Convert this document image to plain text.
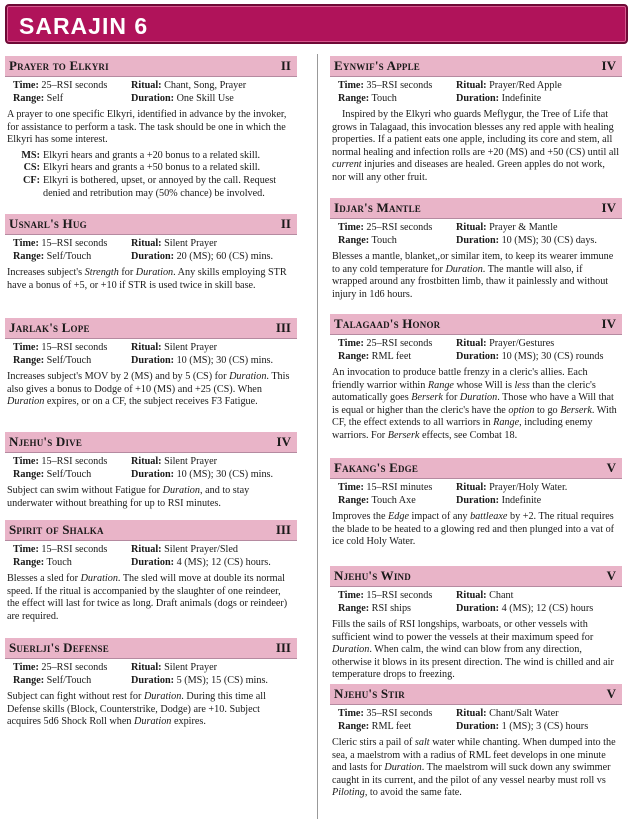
SARAJIN 6
Prayer to Elkyri	II
Time: 25–RSI seconds	Ritual: Chant, Song, Prayer
Range: Self	Duration: One Skill Use

A prayer to one specific Elkyri, identified in advance by the invoker, for assistance to perform a task. The task should be one in which the Elkyri has some interest.

MS: Elkyri hears and grants a +20 bonus to a related skill.
CS: Elkyri hears and grants a +50 bonus to a related skill.
CF: Elkyri is bothered, upset, or annoyed by the call. Request denied and retribution may (50% chance) be involved.
Usnarl's Hug	II
Time: 15–RSI seconds	Ritual: Silent Prayer
Range: Self/Touch	Duration: 20 (MS); 60 (CS) mins.

Increases subject's Strength for Duration. Any skills employing STR have a bonus of +5, or +10 if STR is used twice in skill base.

Jarlak's Lope	III
Time: 15–RSI seconds	Ritual: Silent Prayer
Range: Self/Touch	Duration: 10 (MS); 30 (CS) mins.

Increases subject's MOV by 2 (MS) and by 5 (CS) for Duration. This also gives a bonus to Dodge of +10 (MS) and +25 (CS). When Duration expires, or on a CF, the subject receives F3 Fatigue.

Njehu's Dive	IV
Time: 15–RSI seconds	Ritual: Silent Prayer
Range: Self/Touch	Duration: 10 (MS); 30 (CS) mins.

Subject can swim without Fatigue for Duration, and to stay underwater without breathing for up to RSI minutes.

Spirit of Shalka	III
Time: 15–RSI seconds	Ritual: Silent Prayer/Sled
Range: Touch	Duration: 4 (MS); 12 (CS) hours.

Blesses a sled for Duration. The sled will move at double its normal speed. If the ritual is accompanied by the slaughter of one reindeer, the effect will last for twice as long. Draft animals (dogs or reindeer) are required.

Suerlji's Defense	III
Time: 25–RSI seconds	Ritual: Silent Prayer
Range: Self/Touch	Duration: 5 (MS); 15 (CS) mins.

Subject can fight without rest for Duration. During this time all Defense skills (Block, Counterstrike, Dodge) are +10. Subject acquires 5d6 Shock Roll when Duration expires.

Eynwif's Apple	IV
Time: 35–RSI seconds	Ritual: Prayer/Red Apple
Range: Touch	Duration: Indefinite

Inspired by the Elkyri who guards Meflygur, the Tree of Life that grows in Talagaad, this invocation blesses any red apple with healing properties. If a patient eats one apple, including its core and stem, all normal healing and infection rolls are +20 (MS) and +50 (CS) until all current injuries and diseases are healed. Green apples do not work, nor will any other fruit.

Idjar's Mantle	IV
Time: 25–RSI seconds	Ritual: Prayer & Mantle
Range: Touch	Duration: 10 (MS); 30 (CS) days.

Blesses a mantle, blanket,,or similar item, to keep its wearer immune to any cold temperature for Duration. The mantle will also, if wrapped around any frostbitten limb, thaw it painlessly and without injury in 1d6 hours.

Talagaad's Honor	IV
Time: 25–RSI seconds	Ritual: Prayer/Gestures
Range: RML feet	Duration: 10 (MS); 30 (CS) rounds

An invocation to produce battle frenzy in a cleric's allies. Each friendly warrior within Range whose Will is less than the cleric's automatically goes Berserk for Duration. Those who have a Will that is equal or higher than the cleric's have the option to go Berserk. With CF, the effect extends to all warriors in Range, including enemy warriors. For Berserk effects, see Combat 18.

Fakang's Edge	V
Time: 15–RSI minutes	Ritual: Prayer/Holy Water.
Range: Touch Axe	Duration: Indefinite

Improves the Edge impact of any battleaxe by +2. The ritual requires the blade to be heated to a glowing red and then plunged into a vat of ice cold Holy Water.

Njehu's Wind	V
Time: 15–RSI seconds	Ritual: Chant
Range: RSI ships	Duration: 4 (MS); 12 (CS) hours

Fills the sails of RSI longships, warboats, or other vessels with sufficient wind to power the vessels at their maximum speed for Duration. When calm, the wind can blow from any direction, otherwise it blows in its present direction. The wind is chilled and air temperature drops to freezing.

Njehu's Stir	V
Time: 35–RSI seconds	Ritual: Chant/Salt Water
Range: RML feet	Duration: 1 (MS); 3 (CS) hours

Cleric stirs a pail of salt water while chanting. When dumped into the sea, a maelstrom with a radius of RML feet develops in one minute and lasts for Duration. The maelstrom will suck down any swimmer caught in its current, and the pilot of any vessel nearby must roll vs Piloting, to avoid the same fate.
